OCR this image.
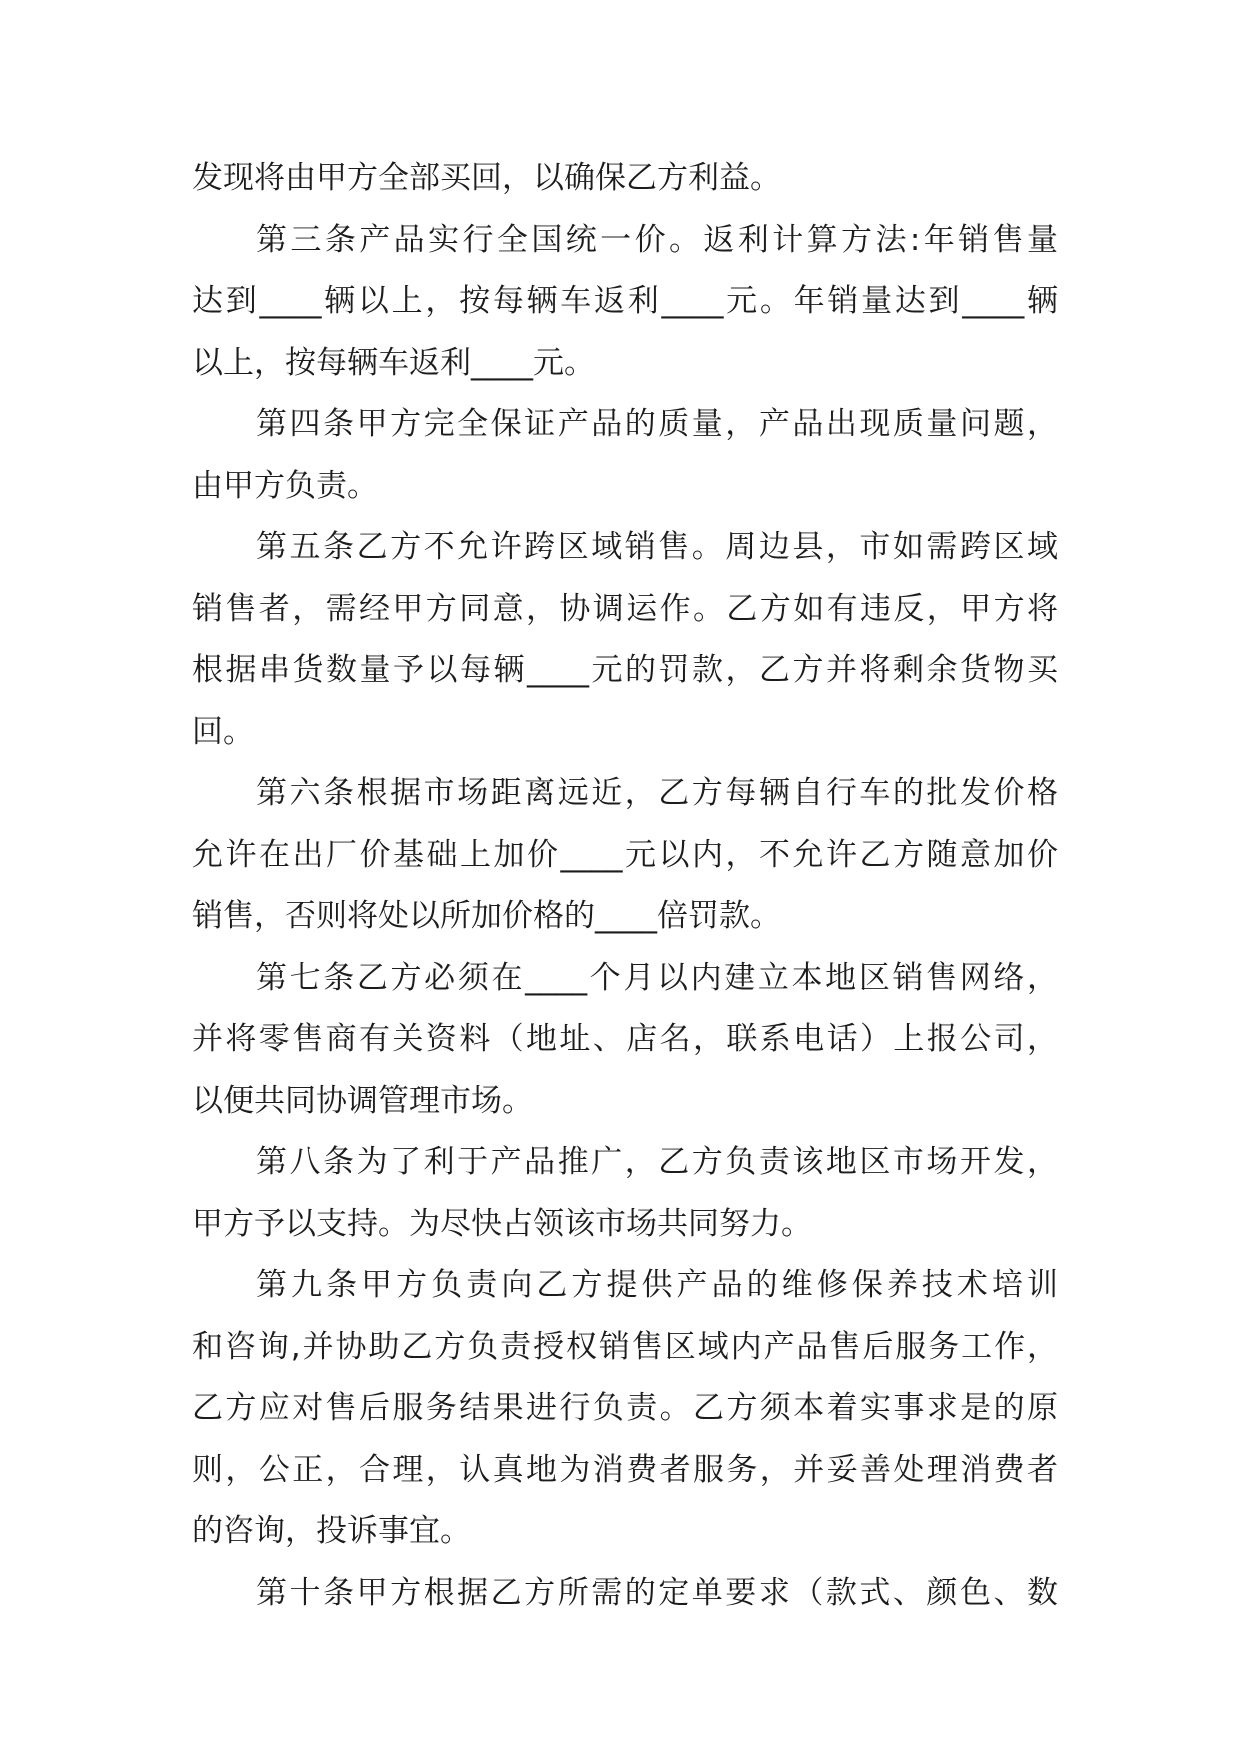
发现将由甲方全部买回，以确保乙方利益。
第三条产品实行全国统一价。返利计算方法:年销售量
达到____辆以上，按每辆车返利____元。年销量达到____辆
以上，按每辆车返利____元。
第四条甲方完全保证产品的质量，产品出现质量问题，
由甲方负责。
第五条乙方不允许跨区域销售。周边县，市如需跨区域
销售者，需经甲方同意，协调运作。乙方如有违反，甲方将
根据串货数量予以每辆____元的罚款，乙方并将剩余货物买
回。
第六条根据市场距离远近，乙方每辆自行车的批发价格
允许在出厂价基础上加价____元以内，不允许乙方随意加价
销售，否则将处以所加价格的____倍罚款。
第七条乙方必须在____个月以内建立本地区销售网络，
并将零售商有关资料（地址、店名，联系电话）上报公司，
以便共同协调管理市场。
第八条为了利于产品推广，乙方负责该地区市场开发，
甲方予以支持。为尽快占领该市场共同努力。
第九条甲方负责向乙方提供产品的维修保养技术培训
和咨询,并协助乙方负责授权销售区域内产品售后服务工作，
乙方应对售后服务结果进行负责。乙方须本着实事求是的原
则，公正，合理，认真地为消费者服务，并妥善处理消费者
的咨询，投诉事宜。
第十条甲方根据乙方所需的定单要求（款式、颜色、数
